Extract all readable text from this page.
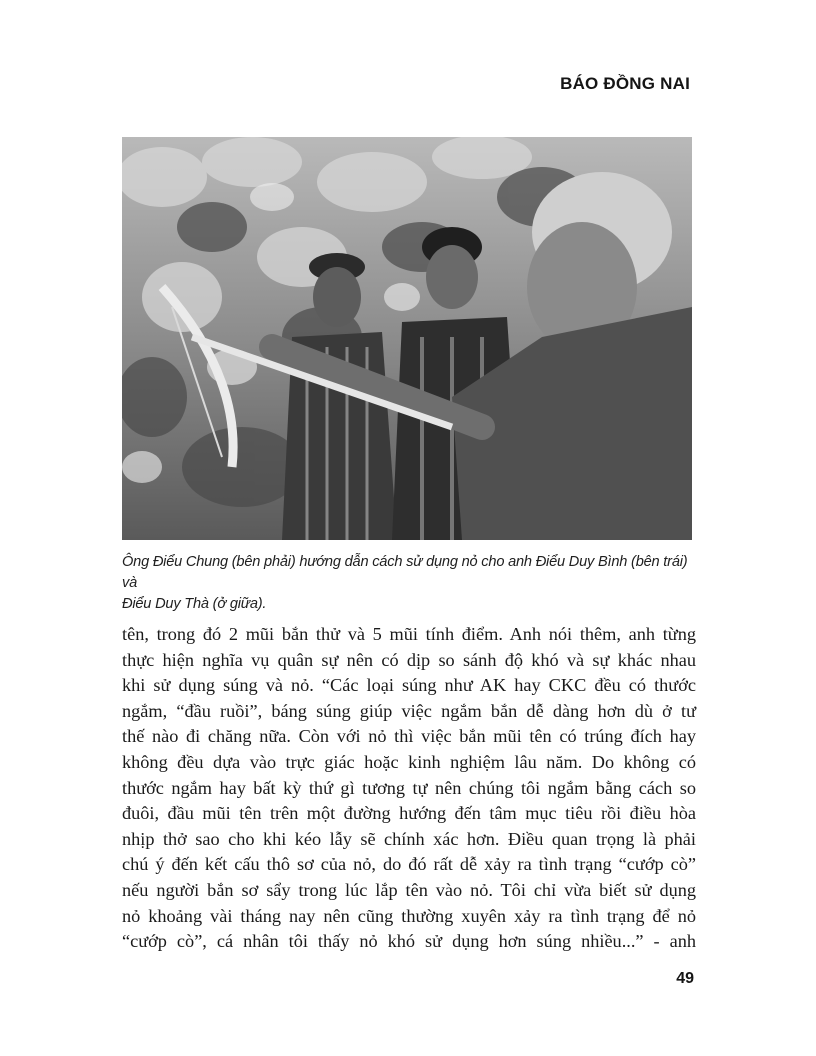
BÁO ĐỒNG NAI

Ông Điểu Chung (bên phải) hướng dẫn cách sử dụng nỏ cho anh Điểu Duy Bình (bên trái) và

Điểu Duy Thà (ở giữa).

tên, trong đó 2 mũi bắn thử và 5 mũi tính điểm. Anh nói thêm, anh từng
thực hiện nghĩa vụ quân sự nên có dịp so sánh độ khó và sự khác nhau
khi sử dụng súng và nỏ. “Các loại súng như AK hay CKC đều có thước
ngắm, “đầu ruồi”, báng súng giúp việc ngắm bắn dễ dàng hơn dù ở tư
thế nào đi chăng nữa. Còn với nỏ thì việc bắn mũi tên có trúng đích hay
không đều dựa vào trực giác hoặc kinh nghiệm lâu năm. Do không có
thước ngắm hay bất kỳ thứ gì tương tự nên chúng tôi ngắm bằng cách so
đuôi, đầu mũi tên trên một đường hướng đến tâm mục tiêu rồi điều hòa
nhịp thở sao cho khi kéo lẫy sẽ chính xác hơn. Điều quan trọng là phải
chú ý đến kết cấu thô sơ của nỏ, do đó rất dễ xảy ra tình trạng “cướp cò”
nếu người bắn sơ sẩy trong lúc lắp tên vào nỏ. Tôi chỉ vừa biết sử dụng
nỏ khoảng vài tháng nay nên cũng thường xuyên xảy ra tình trạng để nỏ
“cướp cò”, cá nhân tôi thấy nỏ khó sử dụng hơn súng nhiều...” - anh
49
